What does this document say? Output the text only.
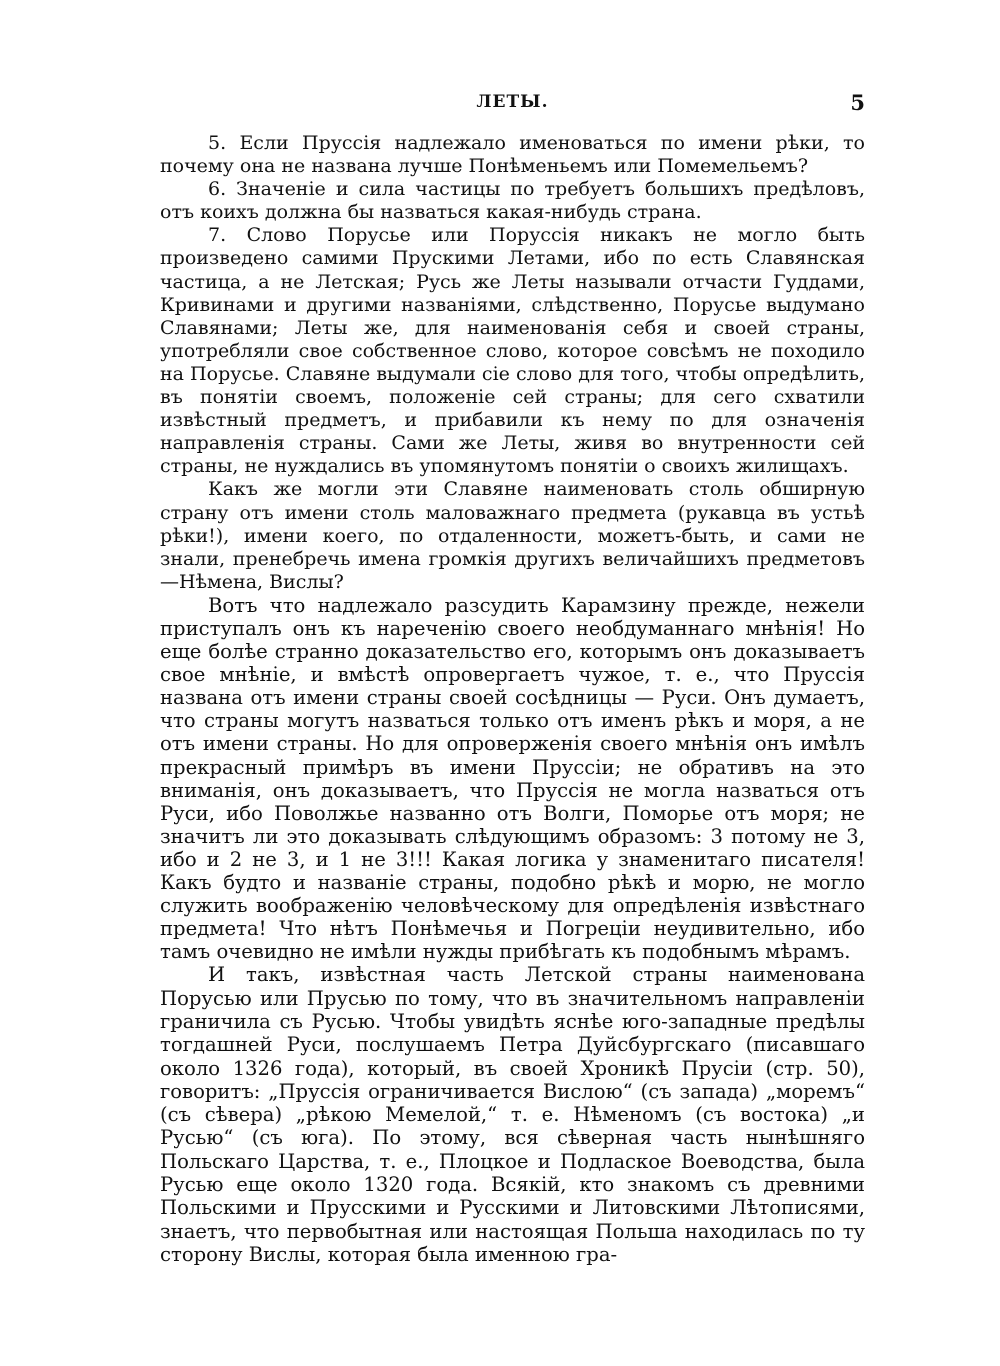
ЛЕТЫ.	5

5. Если Пруссія надлежало именоваться по имени рѣки, то почему она не названа лучше Понѣменьемъ или Помемельемъ?

6. Значеніе и сила частицы по требуетъ большихъ предѣловъ, отъ коихъ должна бы назваться какая-нибудь страна.

7. Слово Порусье или Поруссія никакъ не могло быть произведено самими Прускими Летами, ибо по есть Славянская частица, а не Летская; Русь же Леты называли отчасти Гуддами, Кривинами и другими названіями, слѣдственно, Порусье выдумано Славянами; Леты же, для наименованія себя и своей страны, употребляли свое собственное слово, которое совсѣмъ не походило на Порусье. Славяне выдумали сіе слово для того, чтобы опредѣлить, въ понятіи своемъ, положеніе сей страны; для сего схватили извѣстный предметъ, и прибавили къ нему по для означенія направленія страны. Сами же Леты, живя во внутренности сей страны, не нуждались въ упомянутомъ понятіи о своихъ жилищахъ.

Какъ же могли эти Славяне наименовать столь обширную страну отъ имени столь маловажнаго предмета (рукавца въ устьѣ рѣки!), имени коего, по отдаленности, можетъ-быть, и сами не знали, пренебречь имена громкія другихъ величайшихъ предметовъ—Нѣмена, Вислы?

Вотъ что надлежало разсудить Карамзину прежде, нежели приступалъ онъ къ нареченію своего необдуманнаго мнѣнія! Но еще болѣе странно доказательство его, которымъ онъ доказываетъ свое мнѣніе, и вмѣстѣ опровергаетъ чужое, т. е., что Пруссія названа отъ имени страны своей сосѣдницы — Руси. Онъ думаетъ, что страны могутъ назваться только отъ именъ рѣкъ и моря, а не отъ имени страны. Но для опроверженія своего мнѣнія онъ имѣлъ прекрасный примѣръ въ имени Пруссіи; не обративъ на это вниманія, онъ доказываетъ, что Пруссія не могла назваться отъ Руси, ибо Поволжье названно отъ Волги, Поморье отъ моря; не значитъ ли это доказывать слѣдующимъ образомъ: 3 потому не 3, ибо и 2 не 3, и 1 не 3!!! Какая логика у знаменитаго писателя! Какъ будто и названіе страны, подобно рѣкѣ и морю, не могло служить воображенію человѣческому для опредѣленія извѣстнаго предмета! Что нѣтъ Понѣмечья и Погреціи неудивительно, ибо тамъ очевидно не имѣли нужды прибѣгать къ подобнымъ мѣрамъ.

И такъ, извѣстная часть Летской страны наименована Порусью или Прусью по тому, что въ значительномъ направленіи граничила съ Русью. Чтобы увидѣть яснѣе юго-западные предѣлы тогдашней Руси, послушаемъ Петра Дуйсбургскаго (писавшаго около 1326 года), который, въ своей Хроникѣ Прусіи (стр. 50), говоритъ: „Пруссія ограничивается Вислою“ (съ запада) „моремъ“ (съ сѣвера) „рѣкою Мемелой,“ т. е. Нѣменомъ (съ востока) „и Русью“ (съ юга). По этому, вся сѣверная часть нынѣшняго Польскаго Царства, т. е., Плоцкое и Подлаское Воеводства, была Русью еще около 1320 года. Всякій, кто знакомъ съ древними Польскими и Прусскими и Русскими и Литовскими Лѣтописями, знаетъ, что первобытная или настоящая Польша находилась по ту сторону Вислы, которая была именною гра-
